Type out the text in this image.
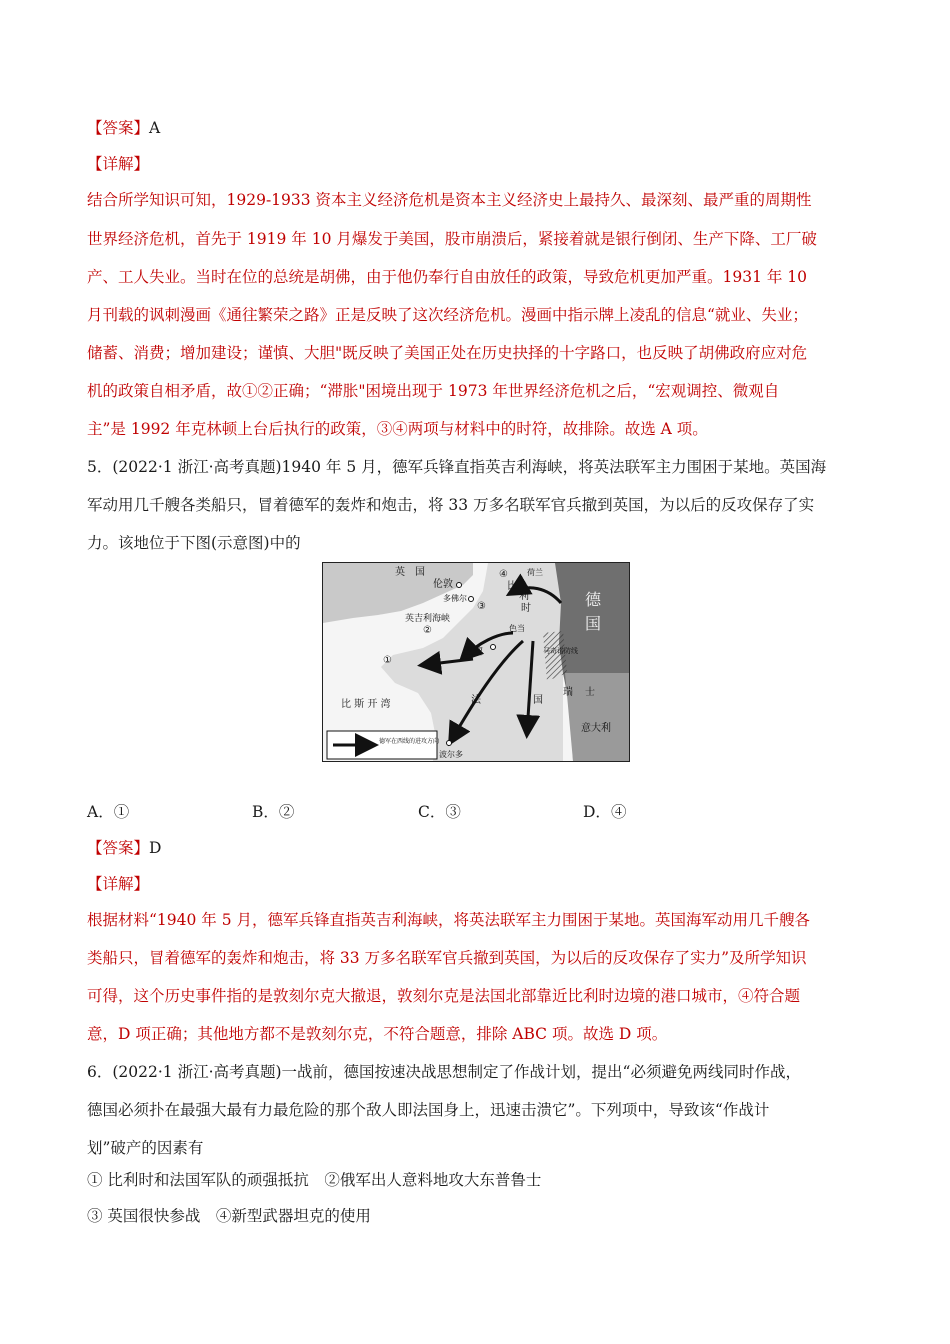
【答案】A
【详解】
结合所学知识可知，1929-1933 资本主义经济危机是资本主义经济史上最持久、最深刻、最严重的周期性
世界经济危机，首先于 1919 年 10 月爆发于美国，股市崩溃后，紧接着就是银行倒闭、生产下降、工厂破
产、工人失业。当时在位的总统是胡佛，由于他仍奉行自由放任的政策，导致危机更加严重。1931 年 10
月刊载的讽刺漫画《通往繁荣之路》正是反映了这次经济危机。漫画中指示牌上凌乱的信息“就业、失业；
储蓄、消费；增加建设；谨慎、大胆"既反映了美国正处在历史抉择的十字路口，也反映了胡佛政府应对危
机的政策自相矛盾，故①②正确；“滞胀"困境出现于 1973 年世界经济危机之后，“宏观调控、微观自
主”是 1992 年克林顿上台后执行的政策，③④两项与材料中的时符，故排除。故选 A 项。
5．(2022·1 浙江·高考真题)1940 年 5 月，德军兵锋直指英吉利海峡，将英法联军主力围困于某地。英国海
军动用几千艘各类船只，冒着德军的轰炸和炮击，将 33 万多名联军官兵撤到英国，为以后的反攻保存了实
力。该地位于下图(示意图)中的
英　国
伦敦
多佛尔
荷兰
比
利
时
英吉利海峡
色当
德
国
巴黎	马奇诺防线
法	国
比 斯 开 湾
瑞 士
意大利
波尔多
德军在西线的进攻方向
①
②
③
④
A．①	B．②	C．③	D．④
【答案】D
【详解】
根据材料“1940 年 5 月，德军兵锋直指英吉利海峡，将英法联军主力围困于某地。英国海军动用几千艘各
类船只，冒着德军的轰炸和炮击，将 33 万多名联军官兵撤到英国，为以后的反攻保存了实力”及所学知识
可得，这个历史事件指的是敦刻尔克大撤退，敦刻尔克是法国北部靠近比利时边境的港口城市，④符合题
意，D 项正确；其他地方都不是敦刻尔克，不符合题意，排除 ABC 项。故选 D 项。
6．(2022·1 浙江·高考真题)一战前，德国按速决战思想制定了作战计划，提出“必须避免两线同时作战，
德国必须扑在最强大最有力最危险的那个敌人即法国身上，迅速击溃它”。下列项中，导致该“作战计
划”破产的因素有
① 比利时和法国军队的顽强抵抗　②俄军出人意料地攻大东普鲁士
③ 英国很快参战　④新型武器坦克的使用
